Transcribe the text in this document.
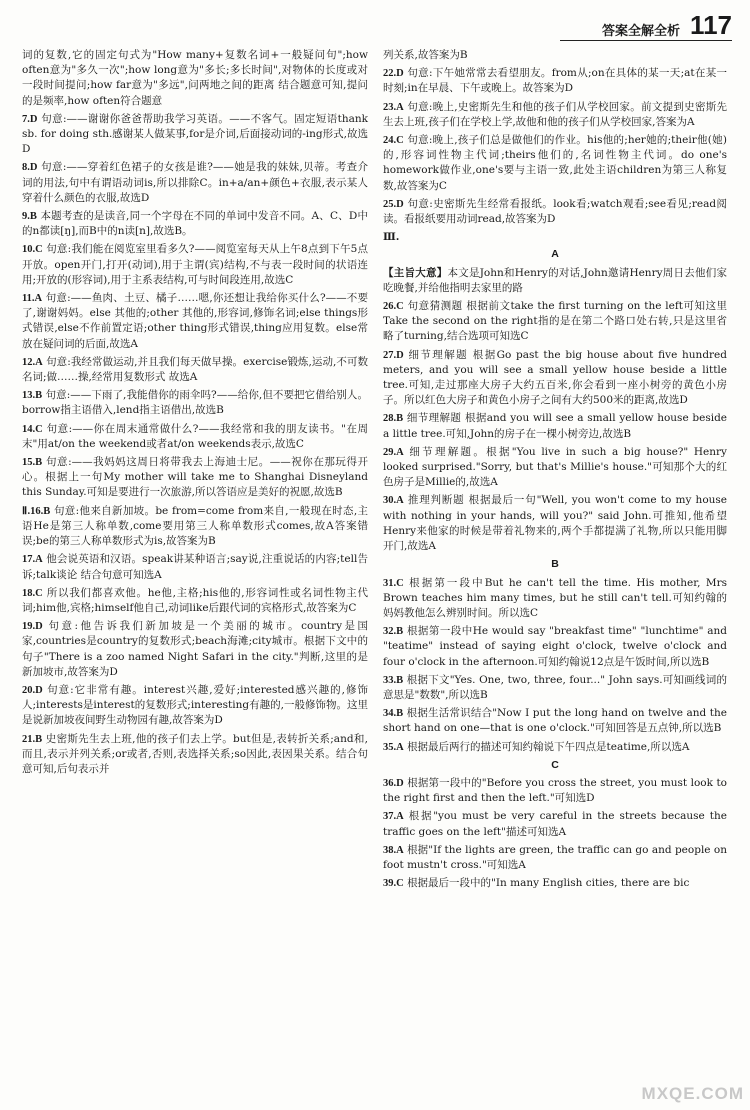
答案全解全析 117
词的复数,它的固定句式为"How many+复数名词+一般疑问句";how often意为"多久一次";how long意为"多长;多长时间",对物体的长度或对一段时间提问;how far意为"多远",问两地之间的距离 结合题意可知,提问的是频率,how often符合题意
7.D 句意:——谢谢你爸爸帮助我学习英语。——不客气。固定短语thank sb. for doing sth.感谢某人做某事,for是介词,后面接动词的-ing形式,故选D
8.D 句意:——穿着红色裙子的女孩是谁?——她是我的妹妹,贝蒂。考查介词的用法,句中有谓语动词is,所以排除C。in+a/an+颜色+衣服,表示某人穿着什么颜色的衣服,故选D
9.B 本题考查的是读音,同一个字母在不同的单词中发音不同。A、C、D中的n都读[ŋ],而B中的n读[n],故选B。
10.C 句意:我们能在阅览室里看多久?——阅览室每天从上午8点到下午5点开放。open开门,打开(动词),用于主谓(宾)结构,不与表一段时间的状语连用;开放的(形容词),用于主系表结构,可与时间段连用,故选C
11.A 句意:——鱼肉、土豆、橘子……嗯,你还想让我给你买什么?——不要了,谢谢妈妈。else 其他的;other 其他的,形容词,修饰名词;else things形式错误,else不作前置定语;other thing形式错误,thing应用复数。else常放在疑问词的后面,故选A
12.A 句意:我经常做运动,并且我们每天做早操。exercise锻炼,运动,不可数名词;做……操,经常用复数形式 故选A
13.B 句意:——下雨了,我能借你的雨伞吗?——给你,但不要把它借给别人。borrow指主语借入,lend指主语借出,故选B
14.C 句意:——你在周末通常做什么?——我经常和我的朋友读书。"在周末"用at/on the weekend或者at/on weekends表示,故选C
15.B 句意:——我妈妈这周日将带我去上海迪士尼。——祝你在那玩得开心。根据上一句My mother will take me to Shanghai Disneyland this Sunday.可知是要进行一次旅游,所以答语应是美好的祝愿,故选B
Ⅱ.16.B 句意:他来自新加坡。be from=come from来自,一般现在时态,主语He是第三人称单数,come要用第三人称单数形式comes,故A答案错误;be的第三人称单数形式为is,故答案为B
17.A 他会说英语和汉语。speak讲某种语言;say说,注重说话的内容;tell告诉;talk谈论 结合句意可知选A
18.C 所以我们都喜欢他。he他,主格;his他的,形容词性或名词性物主代词;him他,宾格;himself他自己,动词like后跟代词的宾格形式,故答案为C
19.D 句意:他告诉我们新加坡是一个美丽的城市。country是国家,countries是country的复数形式;beach海滩;city城市。根据下文中的句子"There is a zoo named Night Safari in the city."判断,这里的是新加坡市,故答案为D
20.D 句意:它非常有趣。interest兴趣,爱好;interested感兴趣的,修饰人;interests是interest的复数形式;interesting有趣的,一般修饰物。这里是说新加坡夜间野生动物园有趣,故答案为D
21.B 史密斯先生去上班,他的孩子们去上学。but但是,表转折关系;and和,而且,表示并列关系;or或者,否则,表选择关系;so因此,表因果关系。结合句意可知,后句表示并
列关系,故答案为B
22.D 句意:下午她常常去看望朋友。from从;on在具体的某一天;at在某一时刻;in在早晨、下午或晚上。故答案为D
23.A 句意:晚上,史密斯先生和他的孩子们从学校回家。前文提到史密斯先生去上班,孩子们在学校上学,故他和他的孩子们从学校回家,答案为A
24.C 句意:晚上,孩子们总是做他们的作业。his他的;her她的;their他(她)的,形容词性物主代词;theirs他们的,名词性物主代词。do one's homework做作业,one's要与主语一致,此处主语children为第三人称复数,故答案为C
25.D 句意:史密斯先生经常看报纸。look看;watch观看;see看见;read阅读。看报纸要用动词read,故答案为D
Ⅲ.
A
【主旨大意】本文是John和Henry的对话,John邀请Henry周日去他们家吃晚餐,并给他指明去家里的路
26.C 句意猜测题 根据前文take the first turning on the left可知这里Take the second on the right指的是在第二个路口处右转,只是这里省略了turning,结合选项可知选C
27.D 细节理解题 根据Go past the big house about five hundred meters, and you will see a small yellow house beside a little tree.可知,走过那座大房子大约五百米,你会看到一座小树旁的黄色小房子。所以红色大房子和黄色小房子之间有大约500米的距离,故选D
28.B 细节理解题 根据and you will see a small yellow house beside a little tree.可知,John的房子在一棵小树旁边,故选B
29.A 细节理解题。根据"You live in such a big house?" Henry looked surprised."Sorry, but that's Millie's house."可知那个大的红色房子是Millie的,故选A
30.A 推理判断题 根据最后一句"Well, you won't come to my house with nothing in your hands, will you?" said John.可推知,他希望Henry来他家的时候是带着礼物来的,两个手都提满了礼物,所以只能用脚开门,故选A
B
31.C 根据第一段中But he can't tell the time. His mother, Mrs Brown teaches him many times, but he still can't tell.可知约翰的妈妈教他怎么辨别时间。所以选C
32.B 根据第一段中He would say "breakfast time" "lunchtime" and "teatime" instead of saying eight o'clock, twelve o'clock and four o'clock in the afternoon.可知约翰说12点是午饭时间,所以选B
33.B 根据下文"Yes. One, two, three, four..." John says.可知画线词的意思是"数数",所以选B
34.B 根据生活常识结合"Now I put the long hand on twelve and the short hand on one—that is one o'clock."可知回答是五点钟,所以选B
35.A 根据最后两行的描述可知约翰说下午四点是teatime,所以选A
C
36.D 根据第一段中的"Before you cross the street, you must look to the right first and then the left."可知选D
37.A 根据"you must be very careful in the streets because the traffic goes on the left"描述可知选A
38.A 根据"If the lights are green, the traffic can go and people on foot mustn't cross."可知选A
39.C 根据最后一段中的"In many English cities, there are bic
MXQE.COM
